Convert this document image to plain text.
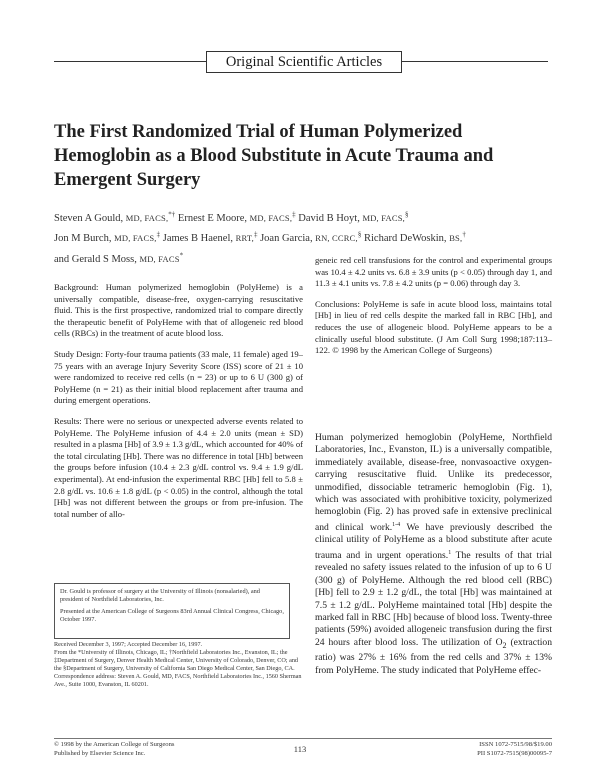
Original Scientific Articles
The First Randomized Trial of Human Polymerized Hemoglobin as a Blood Substitute in Acute Trauma and Emergent Surgery
Steven A Gould, MD, FACS,*† Ernest E Moore, MD, FACS,‡ David B Hoyt, MD, FACS,§
Jon M Burch, MD, FACS,‡ James B Haenel, RRT,‡ Joan Garcia, RN, CCRC,§ Richard DeWoskin, BS,†
and Gerald S Moss, MD, FACS*

Background: Human polymerized hemoglobin (PolyHeme) is a universally compatible, disease-free, oxygen-carrying resuscitative fluid. This is the first prospective, randomized trial to compare directly the therapeutic benefit of PolyHeme with that of allogeneic red blood cells (RBCs) in the treatment of acute blood loss.

Study Design: Forty-four trauma patients (33 male, 11 female) aged 19–75 years with an average Injury Severity Score (ISS) score of 21 ± 10 were randomized to receive red cells (n = 23) or up to 6 U (300 g) of PolyHeme (n = 21) as their initial blood replacement after trauma and during emergent operations.

Results: There were no serious or unexpected adverse events related to PolyHeme. The PolyHeme infusion of 4.4 ± 2.0 units (mean ± SD) resulted in a plasma [Hb] of 3.9 ± 1.3 g/dL, which accounted for 40% of the total circulating [Hb]. There was no difference in total [Hb] between the groups before infusion (10.4 ± 2.3 g/dL control vs. 9.4 ± 1.9 g/dL experimental). At end-infusion the experimental RBC [Hb] fell to 5.8 ± 2.8 g/dL vs. 10.6 ± 1.8 g/dL (p < 0.05) in the control, although the total [Hb] was not different between the groups or from pre-infusion. The total number of allo-

geneic red cell transfusions for the control and experimental groups was 10.4 ± 4.2 units vs. 6.8 ± 3.9 units (p < 0.05) through day 1, and 11.3 ± 4.1 units vs. 7.8 ± 4.2 units (p = 0.06) through day 3.

Conclusions: PolyHeme is safe in acute blood loss, maintains total [Hb] in lieu of red cells despite the marked fall in RBC [Hb], and reduces the use of allogeneic blood. PolyHeme appears to be a clinically useful blood substitute. (J Am Coll Surg 1998;187:113–122. © 1998 by the American College of Surgeons)

Human polymerized hemoglobin (PolyHeme, Northfield Laboratories, Inc., Evanston, IL) is a universally compatible, immediately available, disease-free, nonvasoactive oxygen-carrying resuscitative fluid. Unlike its predecessor, unmodified, dissociable tetrameric hemoglobin (Fig. 1), which was associated with prohibitive toxicity, polymerized hemoglobin (Fig. 2) has proved safe in extensive preclinical and clinical work.$^{1-4}$ We have previously described the clinical utility of PolyHeme as a blood substitute after acute trauma and in urgent operations.$^1$ The results of that trial revealed no safety issues related to the infusion of up to 6 U (300 g) of PolyHeme. Although the red blood cell (RBC) [Hb] fell to 2.9 ± 1.2 g/dL, the total [Hb] was maintained at 7.5 ± 1.2 g/dL. PolyHeme maintained total [Hb] despite the marked fall in RBC [Hb] because of blood loss. Twenty-three patients (59%) avoided allogeneic transfusion during the first 24 hours after blood loss. The utilization of $O_2$ (extraction ratio) was 27% ± 16% from the red cells and 37% ± 13% from PolyHeme. The study indicated that PolyHeme effec-

Dr. Gould is professor of surgery at the University of Illinois (nonsalaried), and president of Northfield Laboratories, Inc.

Presented at the American College of Surgeons 83rd Annual Clinical Congress, Chicago, October 1997.

Received December 3, 1997; Accepted December 16, 1997.

From the *University of Illinois, Chicago, IL; †Northfield Laboratories Inc., Evanston, IL; the ‡Department of Surgery, Denver Health Medical Center, University of Colorado, Denver, CO; and the §Department of Surgery, University of California San Diego Medical Center, San Diego, CA.

Correspondence address: Steven A. Gould, MD, FACS, Northfield Laboratories Inc., 1560 Sherman Ave., Suite 1000, Evanston, IL 60201.

© 1998 by the American College of Surgeons
Published by Elsevier Science Inc.	113	ISSN 1072-7515/98/$19.00
PII S1072-7515(98)00095-7
